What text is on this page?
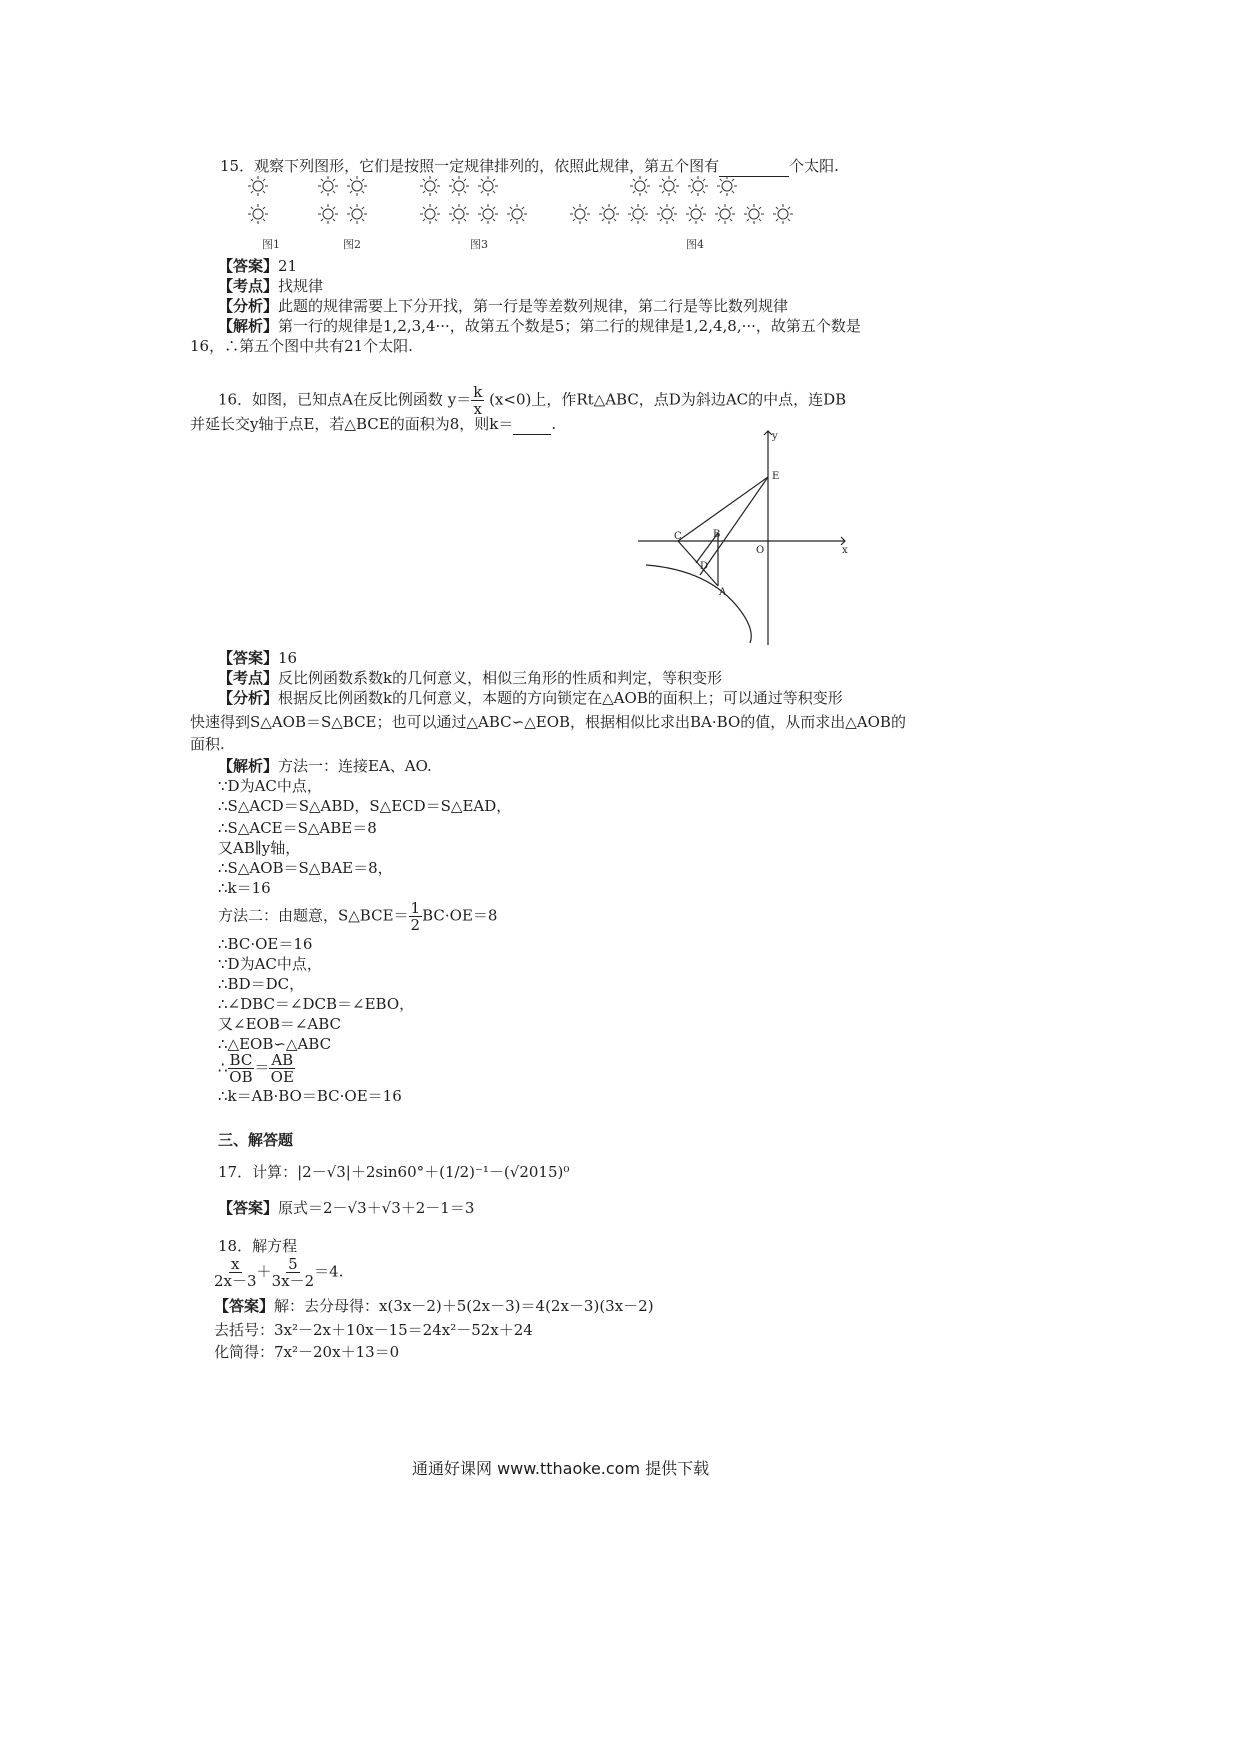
15．观察下列图形，它们是按照一定规律排列的，依照此规律，第五个图有	个太阳.
图1	图2	图3	图4
【答案】21
【考点】找规律
【分析】此题的规律需要上下分开找，第一行是等差数列规律，第二行是等比数列规律
【解析】第一行的规律是1,2,3,4···，故第五个数是5；第二行的规律是1,2,4,8,···，故第五个数是
16，∴第五个图中共有21个太阳.
16．如图，已知点A在反比例函数 $y= \frac{k}{x} (x<0)$上，作Rt△ABC，点D为斜边AC的中点，连DB
并延长交y轴于点E，若△BCE的面积为8，则k＝	.
y
E
B
C
O	x
D
A
【答案】16
【考点】反比例函数系数k的几何意义，相似三角形的性质和判定，等积变形
【分析】根据反比例函数k的几何意义，本题的方向锁定在△AOB的面积上；可以通过等积变形
快速得到S△AOB＝S△BCE；也可以通过△ABC∽△EOB，根据相似比求出BA·BO的值，从而求出△AOB的
面积.
【解析】方法一：连接EA、AO.
∵D为AC中点，
∴S△ACD＝S△ABD，S△ECD＝S△EAD，
∴S△ACE＝S△ABE＝8
又AB∥y轴，
∴S△AOB＝S△BAE＝8，
∴k＝16
方法二：由题意，S△BCE＝ $\frac{1}{2} BC\cdot OE=8$
∴BC·OE＝16
∵D为AC中点，
∴BD＝DC，
∴∠DBC＝∠DCB＝∠EBO，
又∠EOB＝∠ABC
∴△EOB∽△ABC
∴ $\frac{BC}{OB} = \frac{AB}{OE}$
∴k＝AB·BO＝BC·OE＝16
三、解答题
17．计算：|2－√3|＋2sin60°＋(1/2)⁻¹－(√2015)⁰
【答案】原式＝2－√3＋√3＋2－1＝3
18．解方程
$\frac{x}{2x-3} + \frac{5}{3x-2} =4$.
【答案】解：去分母得：x(3x－2)＋5(2x－3)＝4(2x－3)(3x－2)
去括号：3x²－2x＋10x－15＝24x²－52x＋24
化简得：7x²－20x＋13＝0
通通好课网 www.tthaoke.com 提供下载
